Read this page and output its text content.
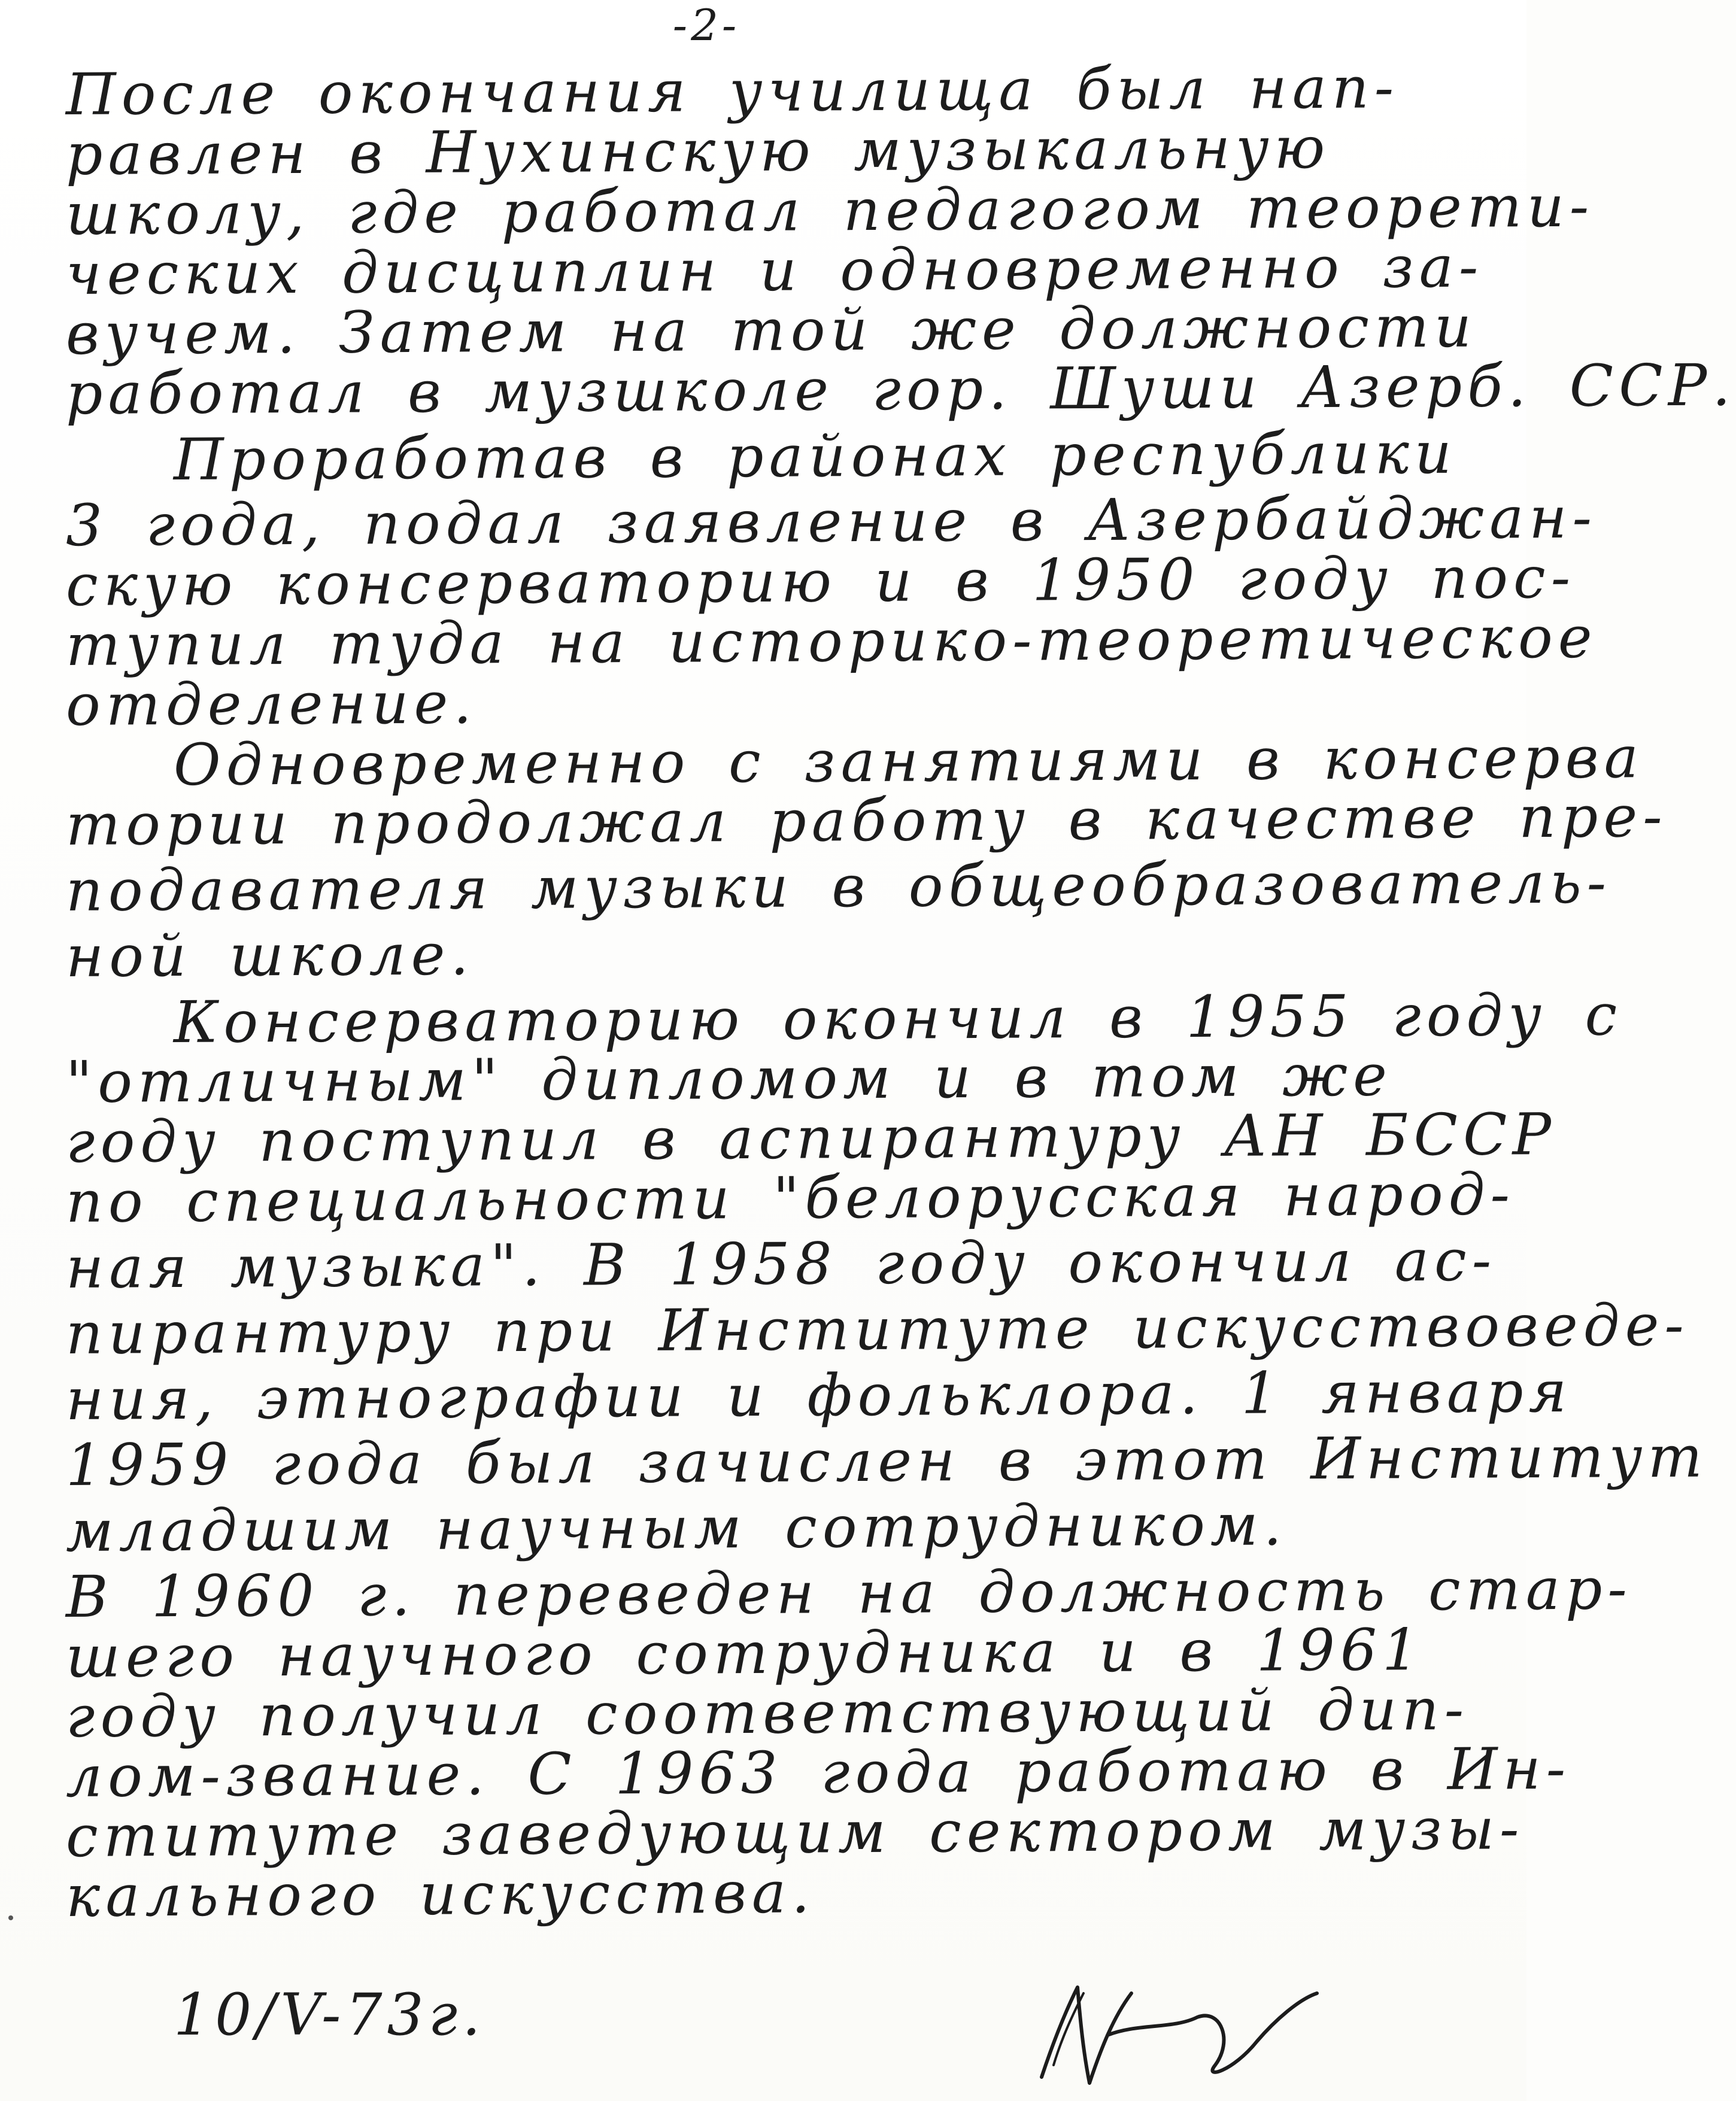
-2-
После окончания училища был нап-
равлен в Нухинскую музыкальную
школу, где работал педагогом теорети-
ческих дисциплин и одновременно за-
вучем. Затем на той же должности
работал в музшколе гор. Шуши Азерб. ССР.
Проработав в районах республики
3 года, подал заявление в Азербайджан-
скую консерваторию и в 1950 году пос-
тупил туда на историко-теоретическое
отделение.
Одновременно с занятиями в консерва
тории продолжал работу в качестве пре-
подавателя музыки в общеобразователь-
ной школе.
Консерваторию окончил в 1955 году с
"отличным" дипломом и в том же
году поступил в аспирантуру АН БССР
по специальности "белорусская народ-
ная музыка". В 1958 году окончил ас-
пирантуру при Институте искусствоведе-
ния, этнографии и фольклора. 1 января
1959 года был зачислен в этот Институт
младшим научным сотрудником.
В 1960 г. переведен на должность стар-
шего научного сотрудника и в 1961
году получил соответствующий дип-
лом-звание. С 1963 года работаю в Ин-
ституте заведующим сектором музы-
кального искусства.
10/V-73г.
